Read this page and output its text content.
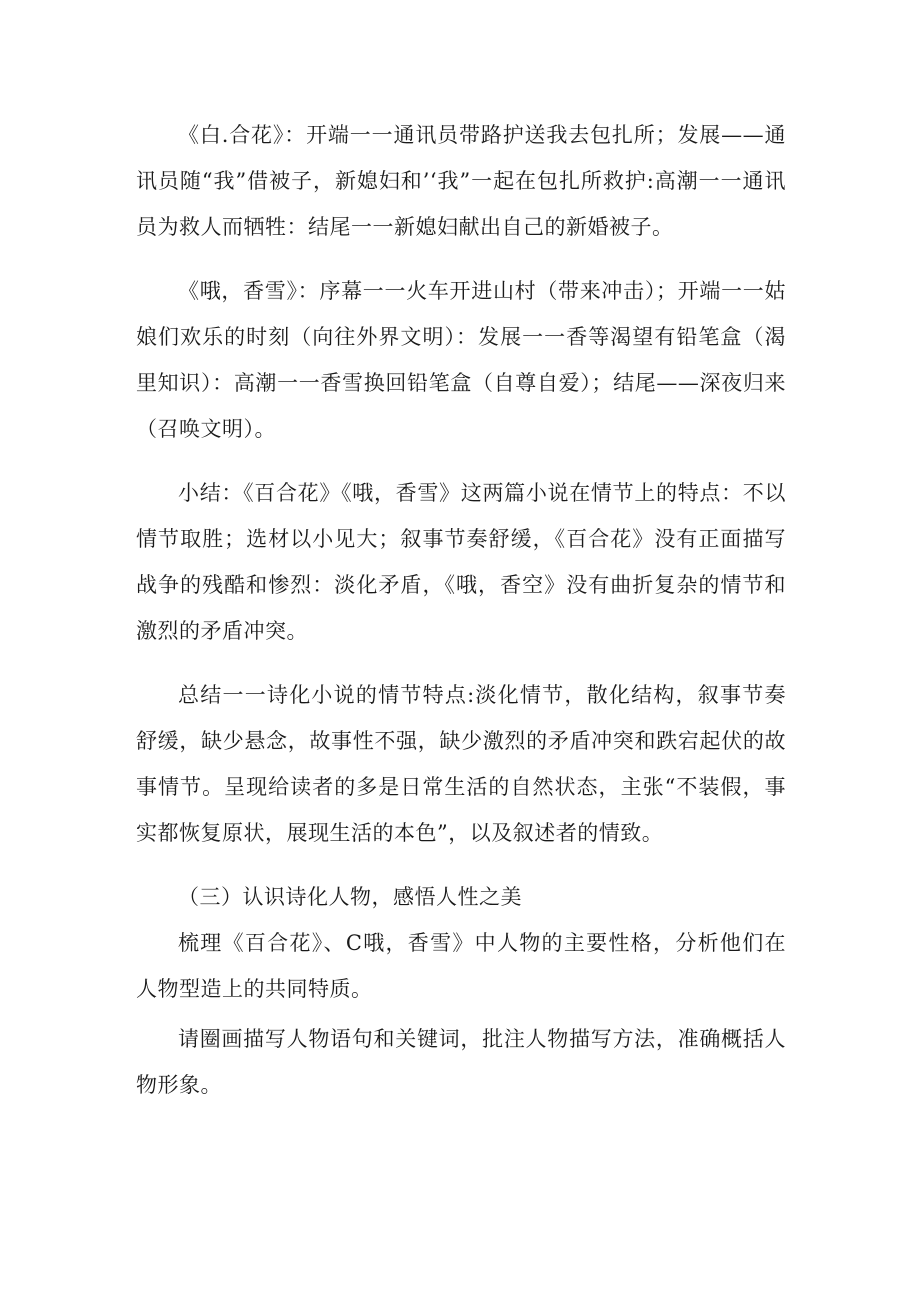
《白.合花》：开端一一通讯员带路护送我去包扎所；发展——通讯员随“我”借被子，新媳妇和’‘我”一起在包扎所救护:高潮一一通讯员为救人而牺牲：结尾一一新媳妇献出自己的新婚被子。

《哦，香雪》：序幕一一火车开进山村（带来冲击）；开端一一姑娘们欢乐的时刻（向往外界文明）：发展一一香等渴望有铅笔盒（渴里知识）：高潮一一香雪换回铅笔盒（自尊自爱）；结尾——深夜归来（召唤文明）。

小结：《百合花》《哦，香雪》这两篇小说在情节上的特点：不以情节取胜；选材以小见大；叙事节奏舒缓，《百合花》没有正面描写战争的残酷和惨烈：淡化矛盾，《哦，香空》没有曲折复杂的情节和激烈的矛盾冲突。

总结一一诗化小说的情节特点:淡化情节，散化结构，叙事节奏舒缓，缺少悬念，故事性不强，缺少激烈的矛盾冲突和跌宕起伏的故事情节。呈现给读者的多是日常生活的自然状态，主张“不装假，事实都恢复原状，展现生活的本色”，以及叙述者的情致。

（三）认识诗化人物，感悟人性之美

梳理《百合花》、C哦，香雪》中人物的主要性格，分析他们在人物型造上的共同特质。

请圈画描写人物语句和关键词，批注人物描写方法，准确概括人物形象。
